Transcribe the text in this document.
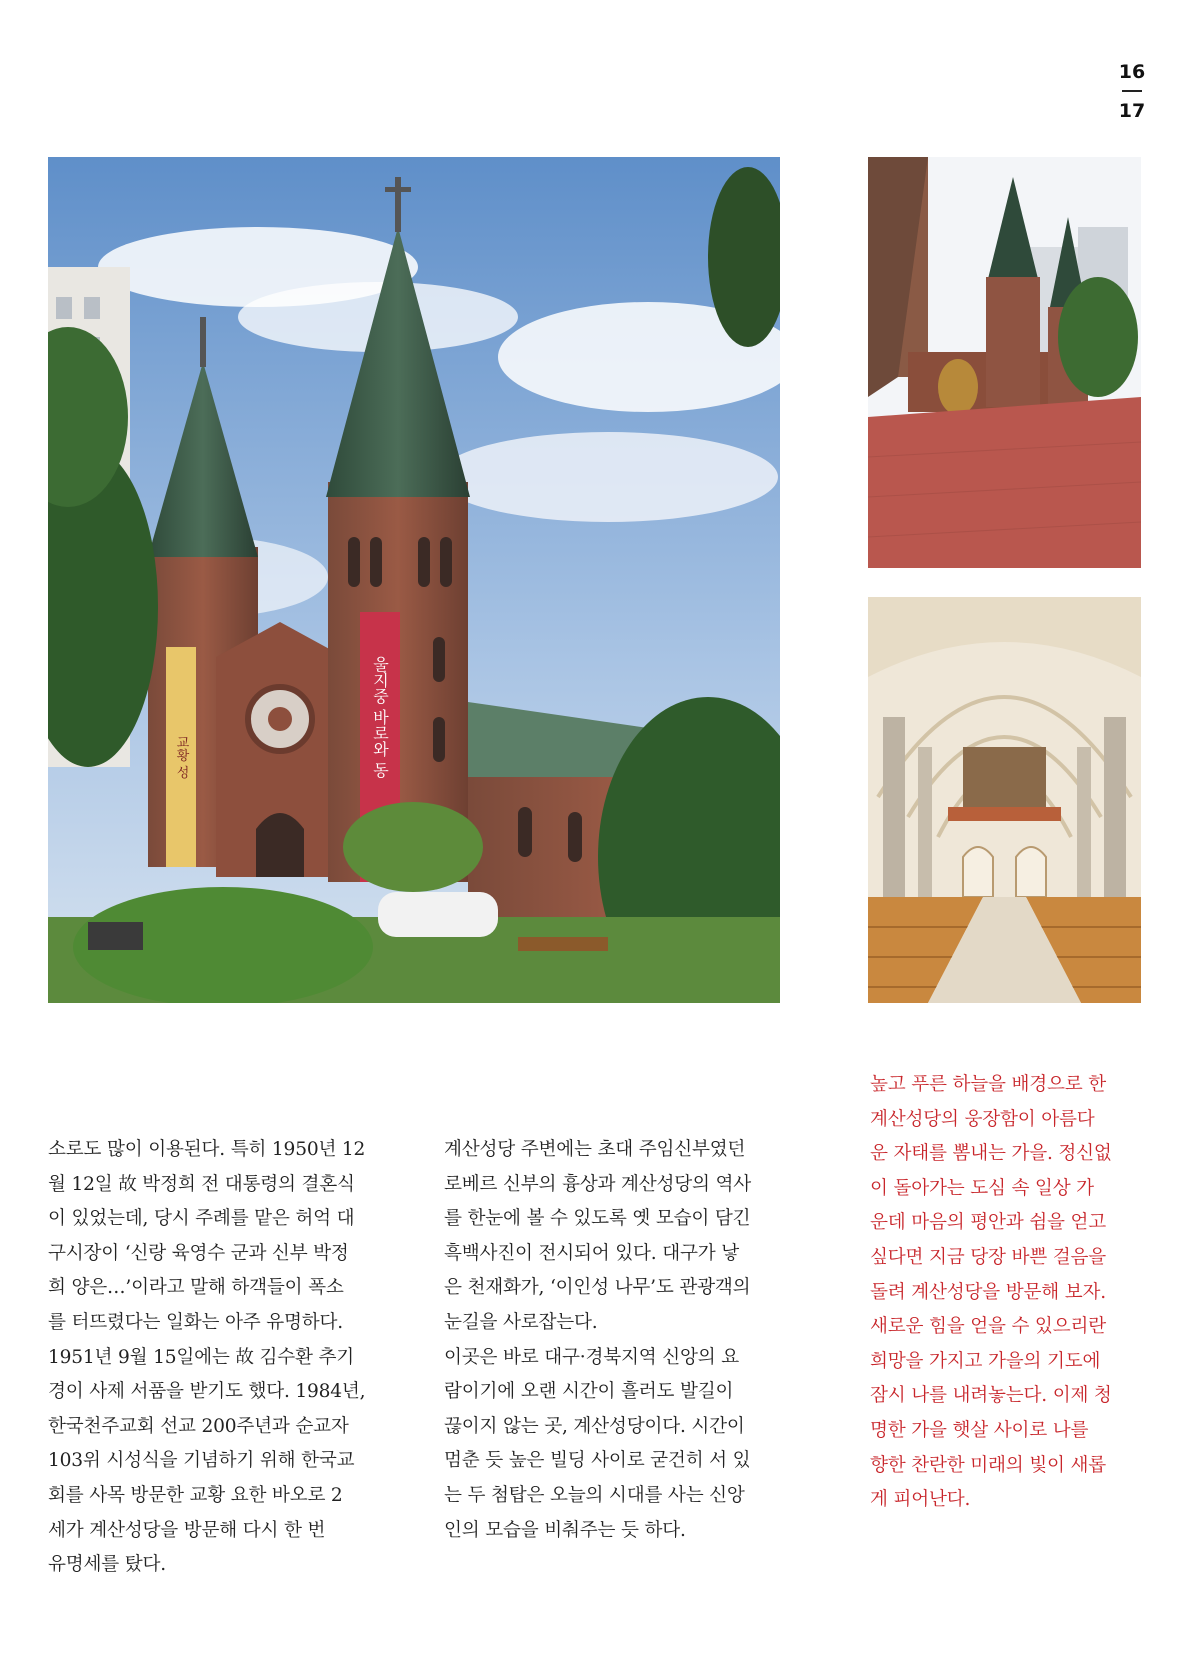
16
17
교황 성	울지중 바로와 동

소로도 많이 이용된다. 특히 1950년 12
월 12일 故 박정희 전 대통령의 결혼식
이 있었는데, 당시 주례를 맡은 허억 대
구시장이 ‘신랑 육영수 군과 신부 박정
희 양은…’이라고 말해 하객들이 폭소
를 터뜨렸다는 일화는 아주 유명하다.
1951년 9월 15일에는 故 김수환 추기
경이 사제 서품을 받기도 했다. 1984년,
한국천주교회 선교 200주년과 순교자
103위 시성식을 기념하기 위해 한국교
회를 사목 방문한 교황 요한 바오로 2
세가 계산성당을 방문해 다시 한 번
유명세를 탔다.

계산성당 주변에는 초대 주임신부였던
로베르 신부의 흉상과 계산성당의 역사
를 한눈에 볼 수 있도록 옛 모습이 담긴
흑백사진이 전시되어 있다. 대구가 낳
은 천재화가, ‘이인성 나무’도 관광객의
눈길을 사로잡는다.
이곳은 바로 대구·경북지역 신앙의 요
람이기에 오랜 시간이 흘러도 발길이
끊이지 않는 곳, 계산성당이다. 시간이
멈춘 듯 높은 빌딩 사이로 굳건히 서 있
는 두 첨탑은 오늘의 시대를 사는 신앙
인의 모습을 비춰주는 듯 하다.

높고 푸른 하늘을 배경으로 한
계산성당의 웅장함이 아름다
운 자태를 뽐내는 가을. 정신없
이 돌아가는 도심 속 일상 가
운데 마음의 평안과 쉼을 얻고
싶다면 지금 당장 바쁜 걸음을
돌려 계산성당을 방문해 보자.
새로운 힘을 얻을 수 있으리란
희망을 가지고 가을의 기도에
잠시 나를 내려놓는다. 이제 청
명한 가을 햇살 사이로 나를
향한 찬란한 미래의 빛이 새롭
게 피어난다.
